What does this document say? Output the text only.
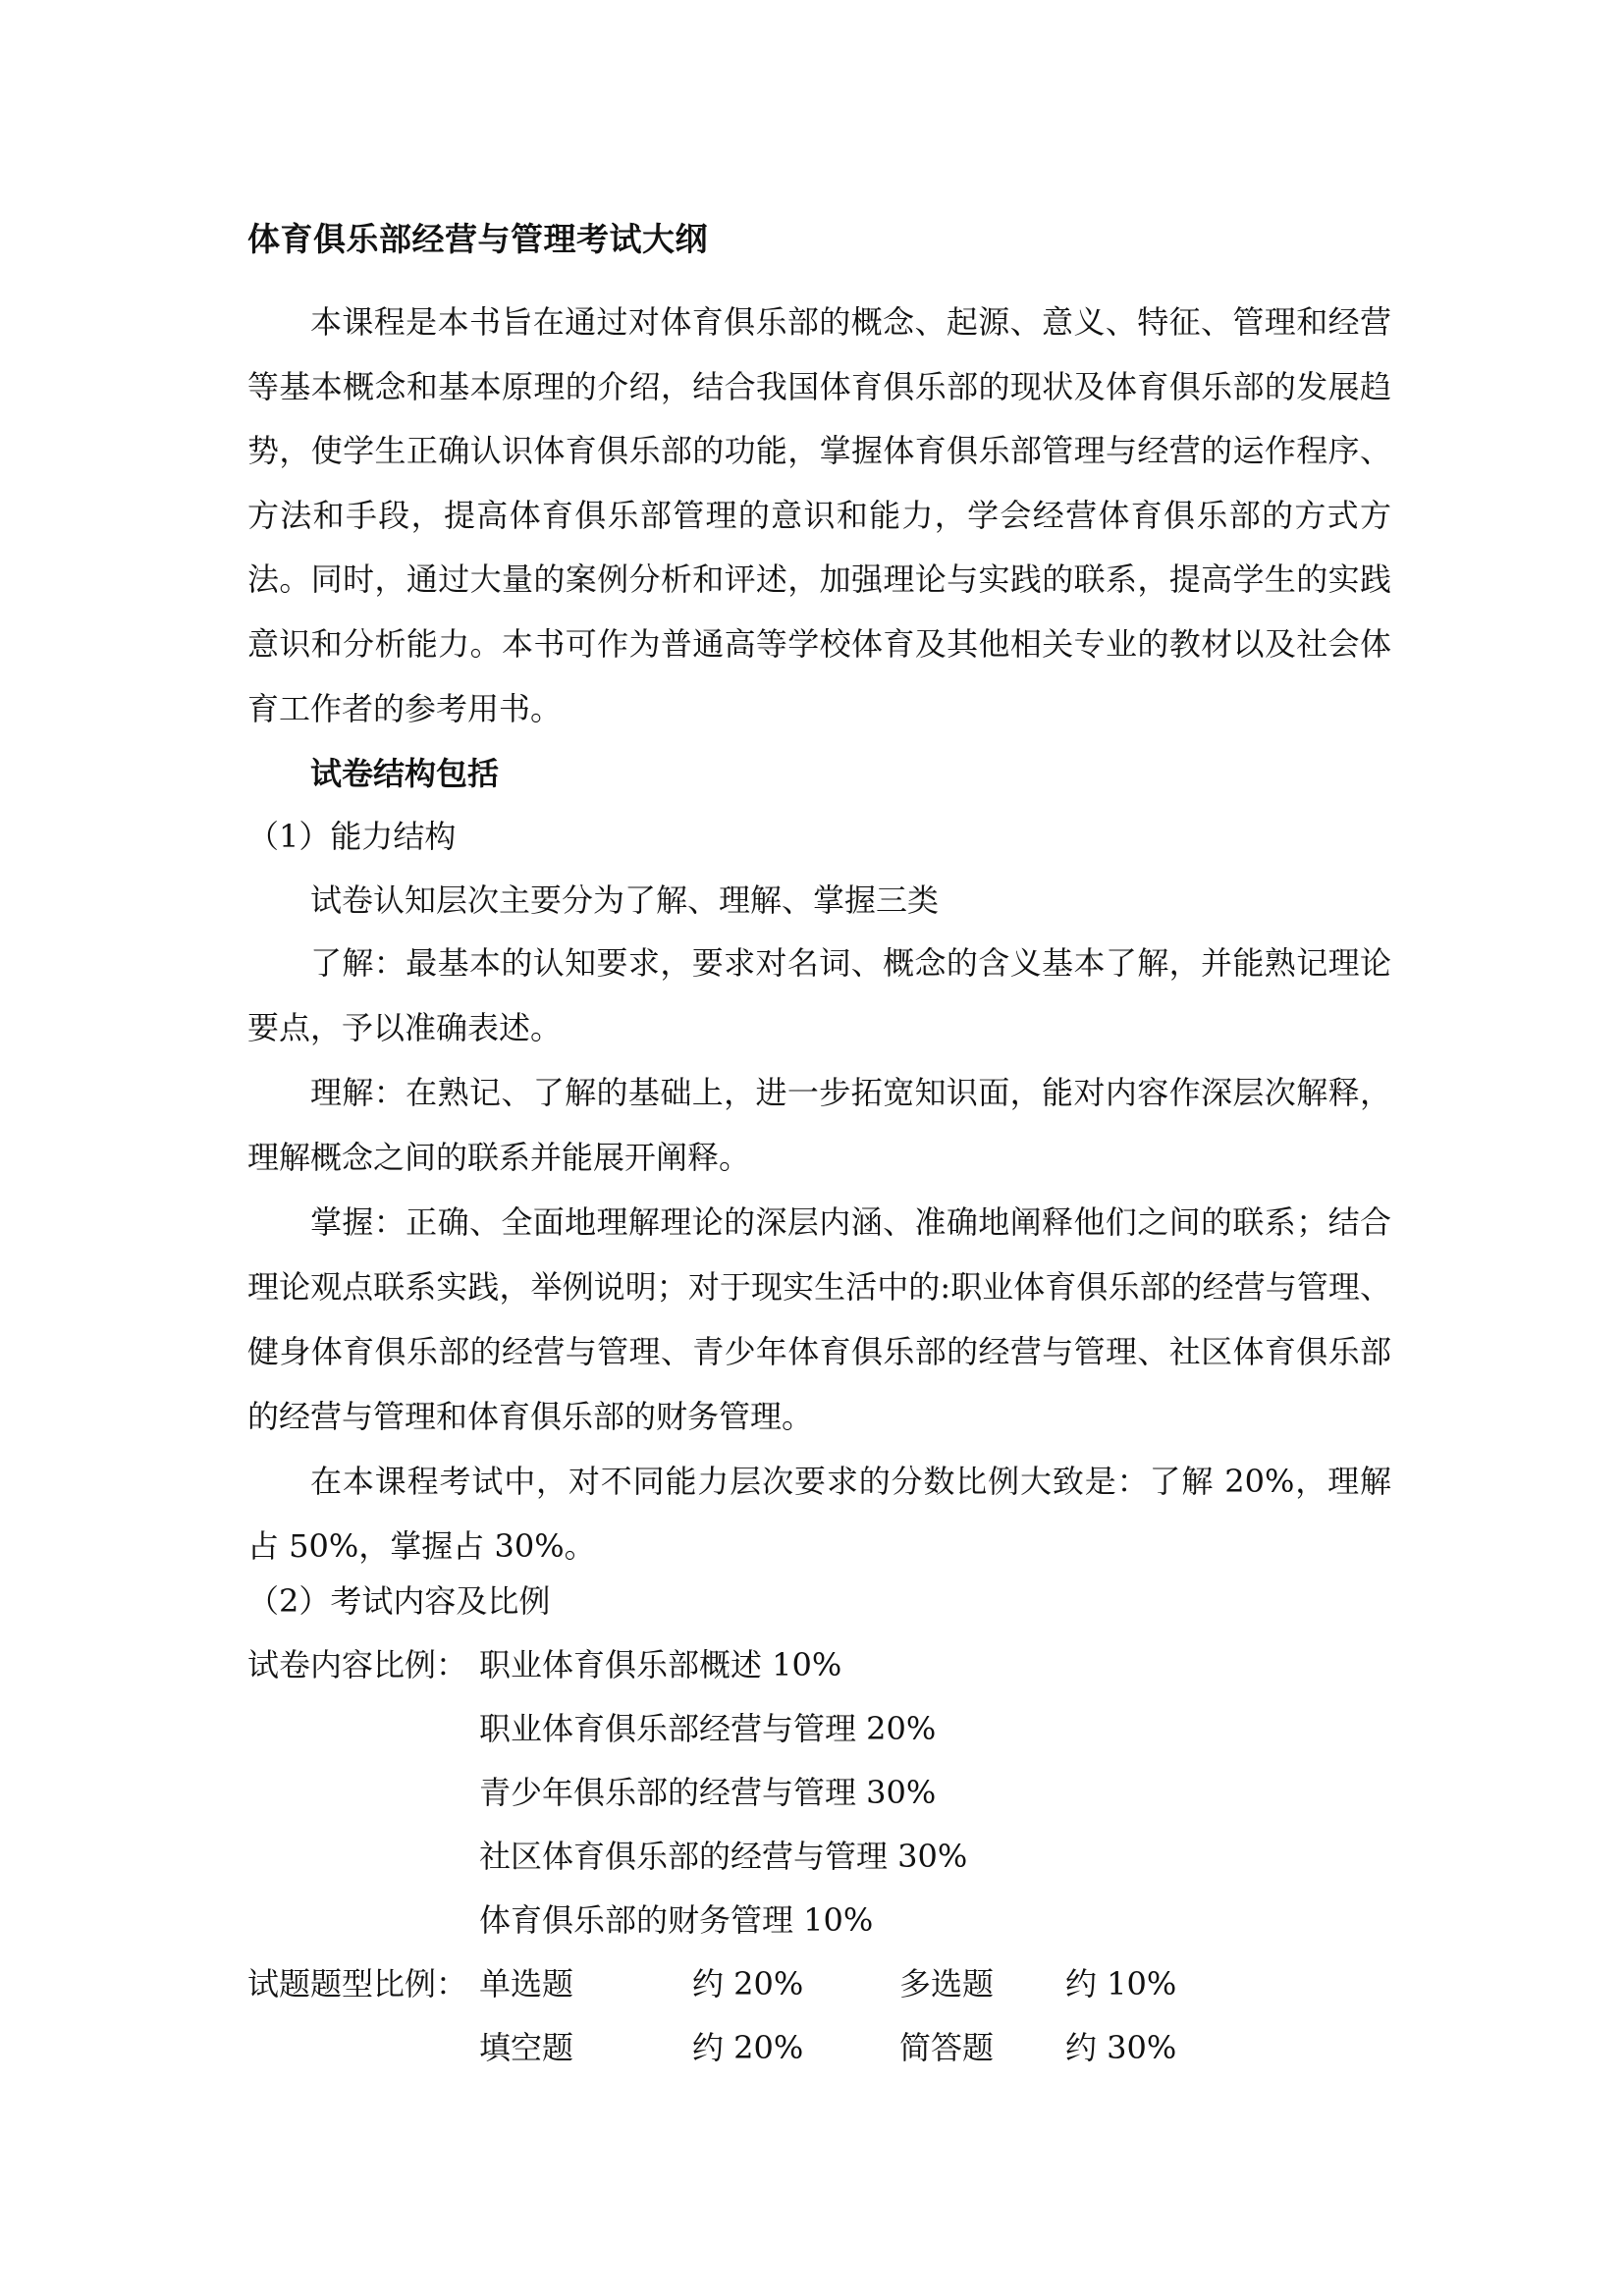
体育俱乐部经营与管理考试大纲

本课程是本书旨在通过对体育俱乐部的概念、起源、意义、特征、管理和经营等基本概念和基本原理的介绍，结合我国体育俱乐部的现状及体育俱乐部的发展趋势，使学生正确认识体育俱乐部的功能，掌握体育俱乐部管理与经营的运作程序、方法和手段，提高体育俱乐部管理的意识和能力，学会经营体育俱乐部的方式方法。同时，通过大量的案例分析和评述，加强理论与实践的联系，提高学生的实践意识和分析能力。本书可作为普通高等学校体育及其他相关专业的教材以及社会体育工作者的参考用书。

试卷结构包括

（1）能力结构

试卷认知层次主要分为了解、理解、掌握三类

了解：最基本的认知要求，要求对名词、概念的含义基本了解，并能熟记理论要点，予以准确表述。

理解：在熟记、了解的基础上，进一步拓宽知识面，能对内容作深层次解释，理解概念之间的联系并能展开阐释。

掌握：正确、全面地理解理论的深层内涵、准确地阐释他们之间的联系；结合理论观点联系实践，举例说明；对于现实生活中的:职业体育俱乐部的经营与管理、健身体育俱乐部的经营与管理、青少年体育俱乐部的经营与管理、社区体育俱乐部的经营与管理和体育俱乐部的财务管理。

在本课程考试中，对不同能力层次要求的分数比例大致是：了解 20%，理解占 50%，掌握占 30%。

（2）考试内容及比例

试卷内容比例： 职业体育俱乐部概述 10%

职业体育俱乐部经营与管理 20%

青少年俱乐部的经营与管理 30%

社区体育俱乐部的经营与管理 30%

体育俱乐部的财务管理 10%

试题题型比例： 单选题	约 20%	多选题 约 10%

填空题	约 20%	简答题 约 30%
